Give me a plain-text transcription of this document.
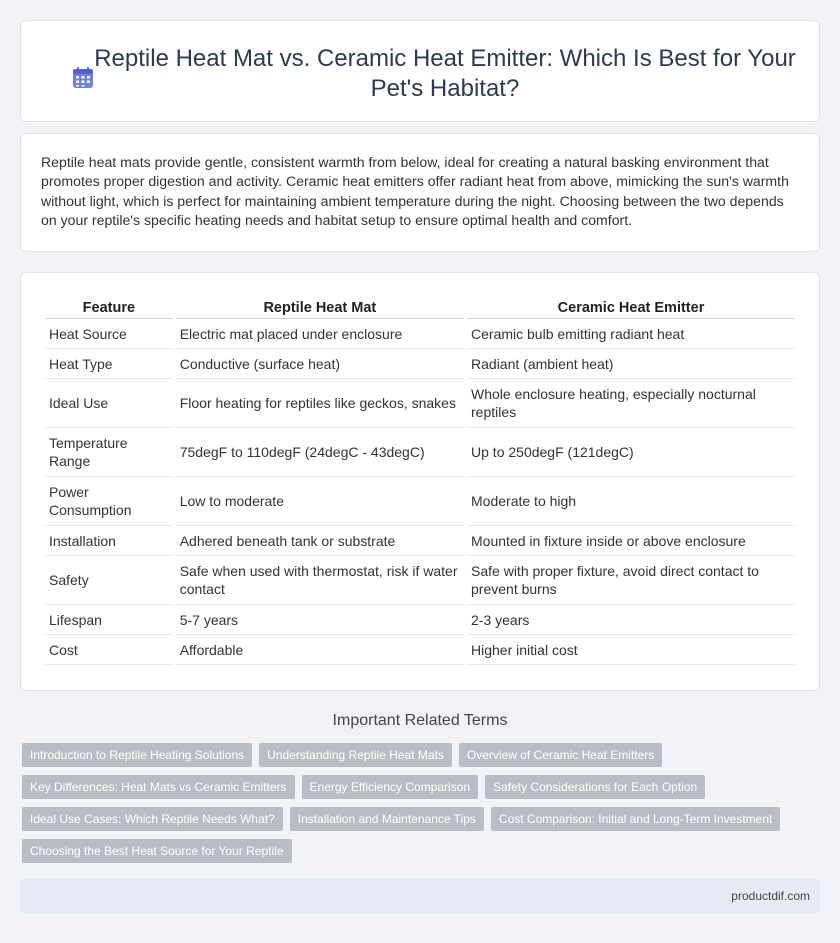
Reptile Heat Mat vs. Ceramic Heat Emitter: Which Is Best for Your Pet's Habitat?

Reptile heat mats provide gentle, consistent warmth from below, ideal for creating a natural basking environment that promotes proper digestion and activity. Ceramic heat emitters offer radiant heat from above, mimicking the sun's warmth without light, which is perfect for maintaining ambient temperature during the night. Choosing between the two depends on your reptile's specific heating needs and habitat setup to ensure optimal health and comfort.

Feature	Reptile Heat Mat	Ceramic Heat Emitter
Heat Source	Electric mat placed under enclosure	Ceramic bulb emitting radiant heat
Heat Type	Conductive (surface heat)	Radiant (ambient heat)
Ideal Use	Floor heating for reptiles like geckos, snakes	Whole enclosure heating, especially nocturnal reptiles
Temperature Range	75degF to 110degF (24degC - 43degC)	Up to 250degF (121degC)
Power Consumption	Low to moderate	Moderate to high
Installation	Adhered beneath tank or substrate	Mounted in fixture inside or above enclosure
Safety	Safe when used with thermostat, risk if water contact	Safe with proper fixture, avoid direct contact to prevent burns
Lifespan	5-7 years	2-3 years
Cost	Affordable	Higher initial cost
Important Related Terms
Introduction to Reptile Heating Solutions	Understanding Reptile Heat Mats	Overview of Ceramic Heat Emitters
Key Differences: Heat Mats vs Ceramic Emitters	Energy Efficiency Comparison	Safety Considerations for Each Option
Ideal Use Cases: Which Reptile Needs What?	Installation and Maintenance Tips	Cost Comparison: Initial and Long-Term Investment
Choosing the Best Heat Source for Your Reptile
productdif.com
